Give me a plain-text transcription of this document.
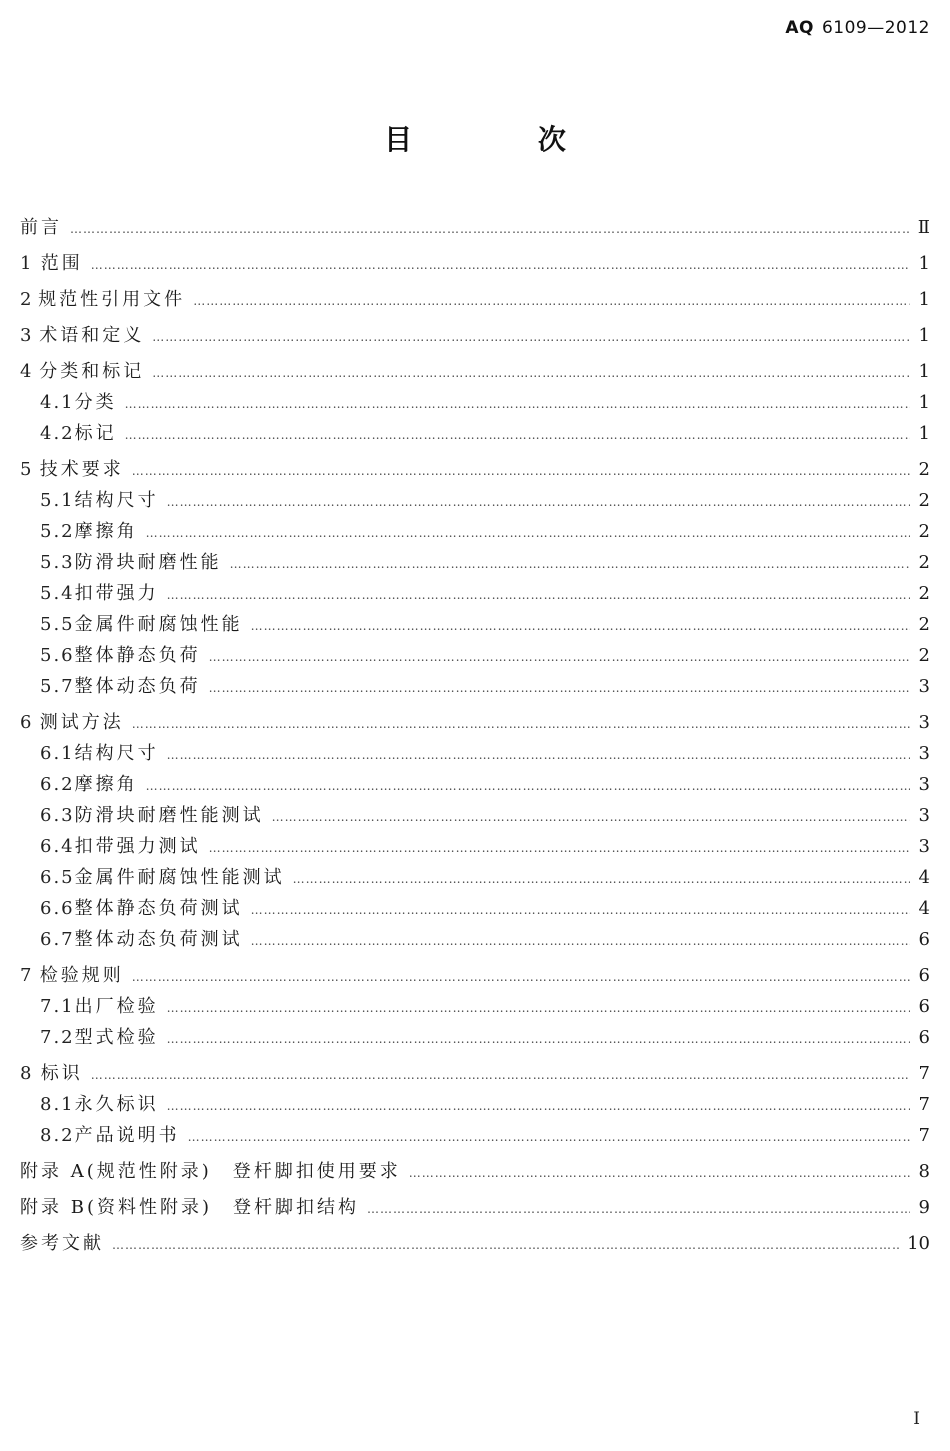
AQ 6109—2012
目 次
前言 …………………………………………………………………………………………………………………………………………………………………………………………………………………………………………………………………	Ⅱ
1 范围 …………………………………………………………………………………………………………………………………………………………………………………………………………………………………………………………………	1
2 规范性引用文件 …………………………………………………………………………………………………………………………………………………………………………………………………………………………………………………………………	1
3 术语和定义 …………………………………………………………………………………………………………………………………………………………………………………………………………………………………………………………………	1
4 分类和标记 …………………………………………………………………………………………………………………………………………………………………………………………………………………………………………………………………	1
4.1 分类 …………………………………………………………………………………………………………………………………………………………………………………………………………………………………………………………………	1
4.2 标记 …………………………………………………………………………………………………………………………………………………………………………………………………………………………………………………………………	1
5 技术要求 …………………………………………………………………………………………………………………………………………………………………………………………………………………………………………………………………	2
5.1 结构尺寸 …………………………………………………………………………………………………………………………………………………………………………………………………………………………………………………………………	2
5.2 摩擦角 …………………………………………………………………………………………………………………………………………………………………………………………………………………………………………………………………	2
5.3 防滑块耐磨性能 …………………………………………………………………………………………………………………………………………………………………………………………………………………………………………………………………	2
5.4 扣带强力 …………………………………………………………………………………………………………………………………………………………………………………………………………………………………………………………………	2
5.5 金属件耐腐蚀性能 …………………………………………………………………………………………………………………………………………………………………………………………………………………………………………………………………	2
5.6 整体静态负荷 …………………………………………………………………………………………………………………………………………………………………………………………………………………………………………………………………	2
5.7 整体动态负荷 …………………………………………………………………………………………………………………………………………………………………………………………………………………………………………………………………	3
6 测试方法 …………………………………………………………………………………………………………………………………………………………………………………………………………………………………………………………………	3
6.1 结构尺寸 …………………………………………………………………………………………………………………………………………………………………………………………………………………………………………………………………	3
6.2 摩擦角 …………………………………………………………………………………………………………………………………………………………………………………………………………………………………………………………………	3
6.3 防滑块耐磨性能测试 …………………………………………………………………………………………………………………………………………………………………………………………………………………………………………………………………	3
6.4 扣带强力测试 …………………………………………………………………………………………………………………………………………………………………………………………………………………………………………………………………	3
6.5 金属件耐腐蚀性能测试 …………………………………………………………………………………………………………………………………………………………………………………………………………………………………………………………………	4
6.6 整体静态负荷测试 …………………………………………………………………………………………………………………………………………………………………………………………………………………………………………………………………	4
6.7 整体动态负荷测试 …………………………………………………………………………………………………………………………………………………………………………………………………………………………………………………………………	6
7 检验规则 …………………………………………………………………………………………………………………………………………………………………………………………………………………………………………………………………	6
7.1 出厂检验 …………………………………………………………………………………………………………………………………………………………………………………………………………………………………………………………………	6
7.2 型式检验 …………………………………………………………………………………………………………………………………………………………………………………………………………………………………………………………………	6
8 标识 …………………………………………………………………………………………………………………………………………………………………………………………………………………………………………………………………	7
8.1 永久标识 …………………………………………………………………………………………………………………………………………………………………………………………………………………………………………………………………	7
8.2 产品说明书 …………………………………………………………………………………………………………………………………………………………………………………………………………………………………………………………………	7
附录 A(规范性附录)　登杆脚扣使用要求 …………………………………………………………………………………………………………………………………………………………………………………………………………………………………………………………………	8
附录 B(资料性附录)　登杆脚扣结构 …………………………………………………………………………………………………………………………………………………………………………………………………………………………………………………………………	9
参考文献 …………………………………………………………………………………………………………………………………………………………………………………………………………………………………………………………………	10
Ⅰ
